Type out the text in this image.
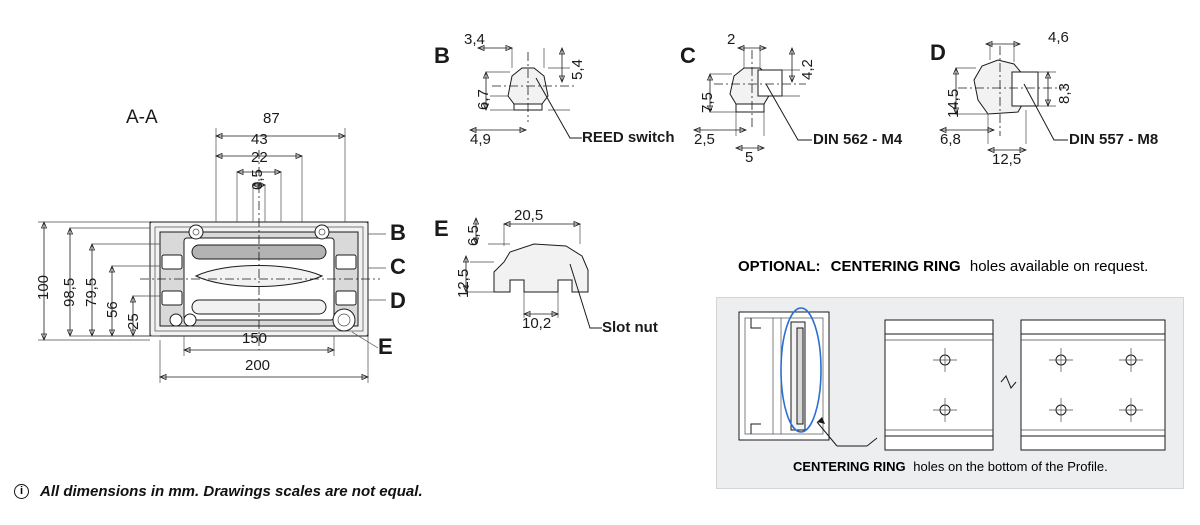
A-A	87
43
22
0,5
100 98,5 79,5
56
25
150
200
B
C
D
E
B
3,4
5,4
6,7
4,9	REED switch
C
2
4,2
7,5
2,5
5
DIN 562 - M4
D
4,6
8,3
14,5
6,8
12,5
DIN 557 - M8
E 6,5
20,5
12,5
10,2	Slot nut
OPTIONAL: CENTERING RING holes available on request.
CENTERING RING holes on the bottom of the Profile.
i	All dimensions in mm. Drawings scales are not equal.
